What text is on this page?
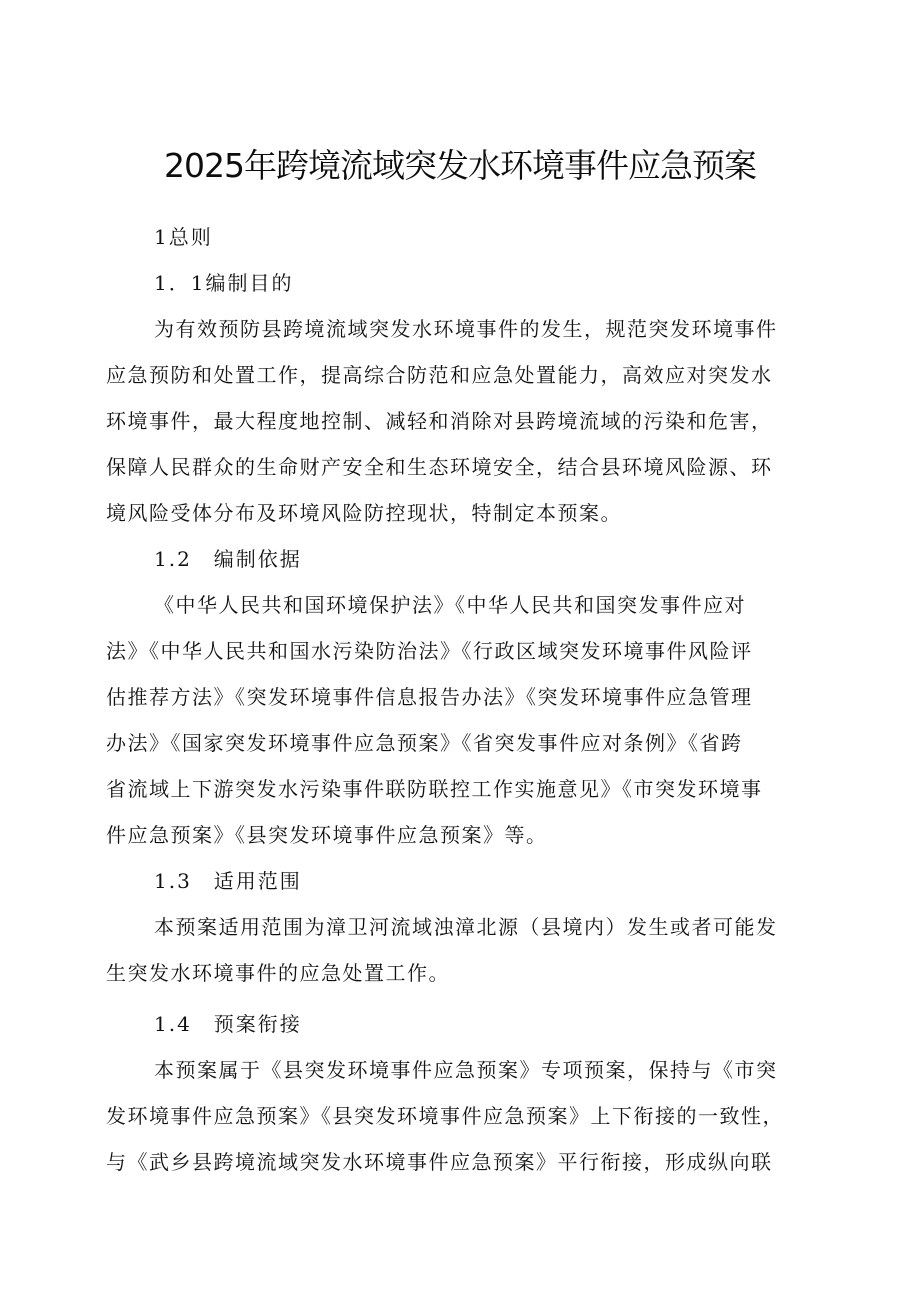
2025年跨境流域突发水环境事件应急预案
1总则
1．1编制目的
为有效预防县跨境流域突发水环境事件的发生，规范突发环境事件
应急预防和处置工作，提高综合防范和应急处置能力，高效应对突发水
环境事件，最大程度地控制、减轻和消除对县跨境流域的污染和危害，
保障人民群众的生命财产安全和生态环境安全，结合县环境风险源、环
境风险受体分布及环境风险防控现状，特制定本预案。
1.2　编制依据
《中华人民共和国环境保护法》《中华人民共和国突发事件应对
法》《中华人民共和国水污染防治法》《行政区域突发环境事件风险评
估推荐方法》《突发环境事件信息报告办法》《突发环境事件应急管理
办法》《国家突发环境事件应急预案》《省突发事件应对条例》《省跨
省流域上下游突发水污染事件联防联控工作实施意见》《市突发环境事
件应急预案》《县突发环境事件应急预案》等。
1.3　适用范围
本预案适用范围为漳卫河流域浊漳北源（县境内）发生或者可能发
生突发水环境事件的应急处置工作。
1.4　预案衔接
本预案属于《县突发环境事件应急预案》专项预案，保持与《市突
发环境事件应急预案》《县突发环境事件应急预案》上下衔接的一致性，
与《武乡县跨境流域突发水环境事件应急预案》平行衔接，形成纵向联
